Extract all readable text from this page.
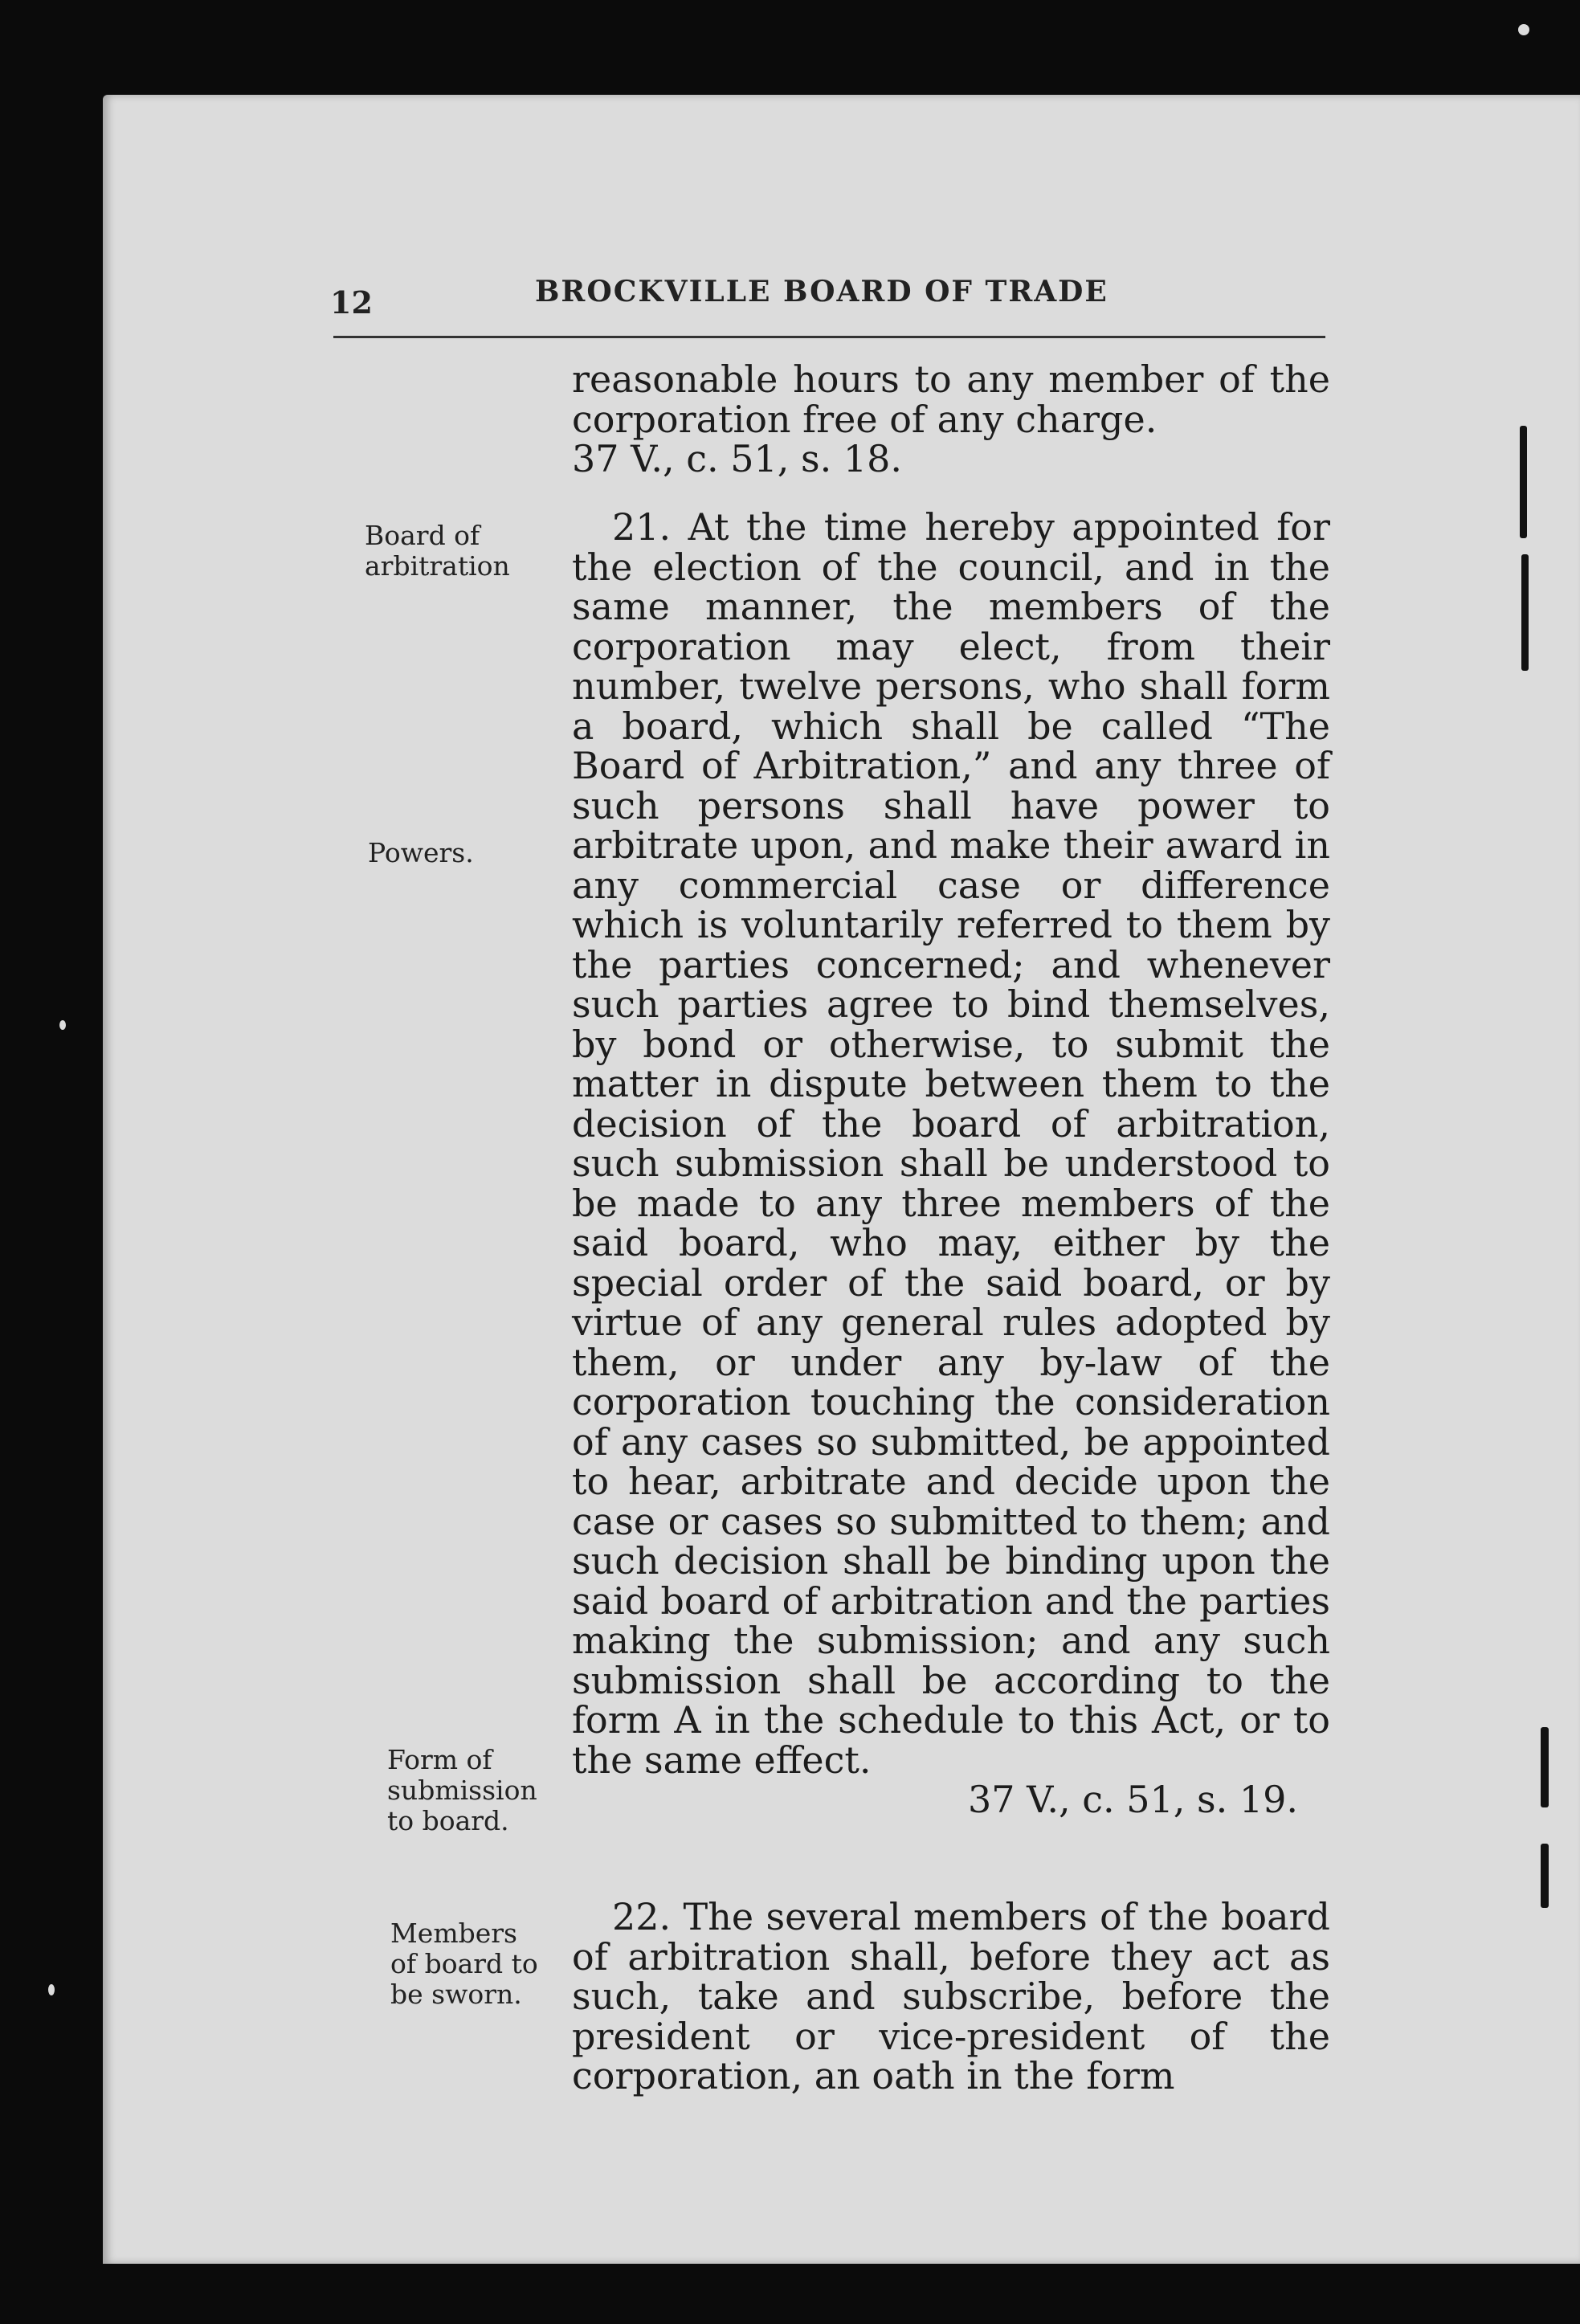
12	BROCKVILLE BOARD OF TRADE

reasonable hours to any member of the corporation free of any charge.

37 V., c. 51, s. 18.

21. At the time hereby appointed for the election of the council, and in the same manner, the members of the corporation may elect, from their number, twelve persons, who shall form a board, which shall be called “The Board of Arbitration,” and any three of such persons shall have power to arbitrate upon, and make their award in any commercial case or difference which is voluntarily referred to them by the parties concerned; and whenever such parties agree to bind themselves, by bond or otherwise, to submit the matter in dispute between them to the decision of the board of arbitration, such submission shall be understood to be made to any three members of the said board, who may, either by the special order of the said board, or by virtue of any general rules adopted by them, or under any by-law of the corporation touching the consideration of any cases so submitted, be appointed to hear, arbitrate and decide upon the case or cases so submitted to them; and such decision shall be binding upon the said board of arbitration and the parties making the submission; and any such submission shall be according to the form A in the schedule to this Act, or to the same effect.

37 V., c. 51, s. 19.

22. The several members of the board of arbitration shall, before they act as such, take and subscribe, before the president or vice-president of the corporation, an oath in the form

Board of
arbitration
Powers.
Form of
submission
to board.
Members
of board to
be sworn.
